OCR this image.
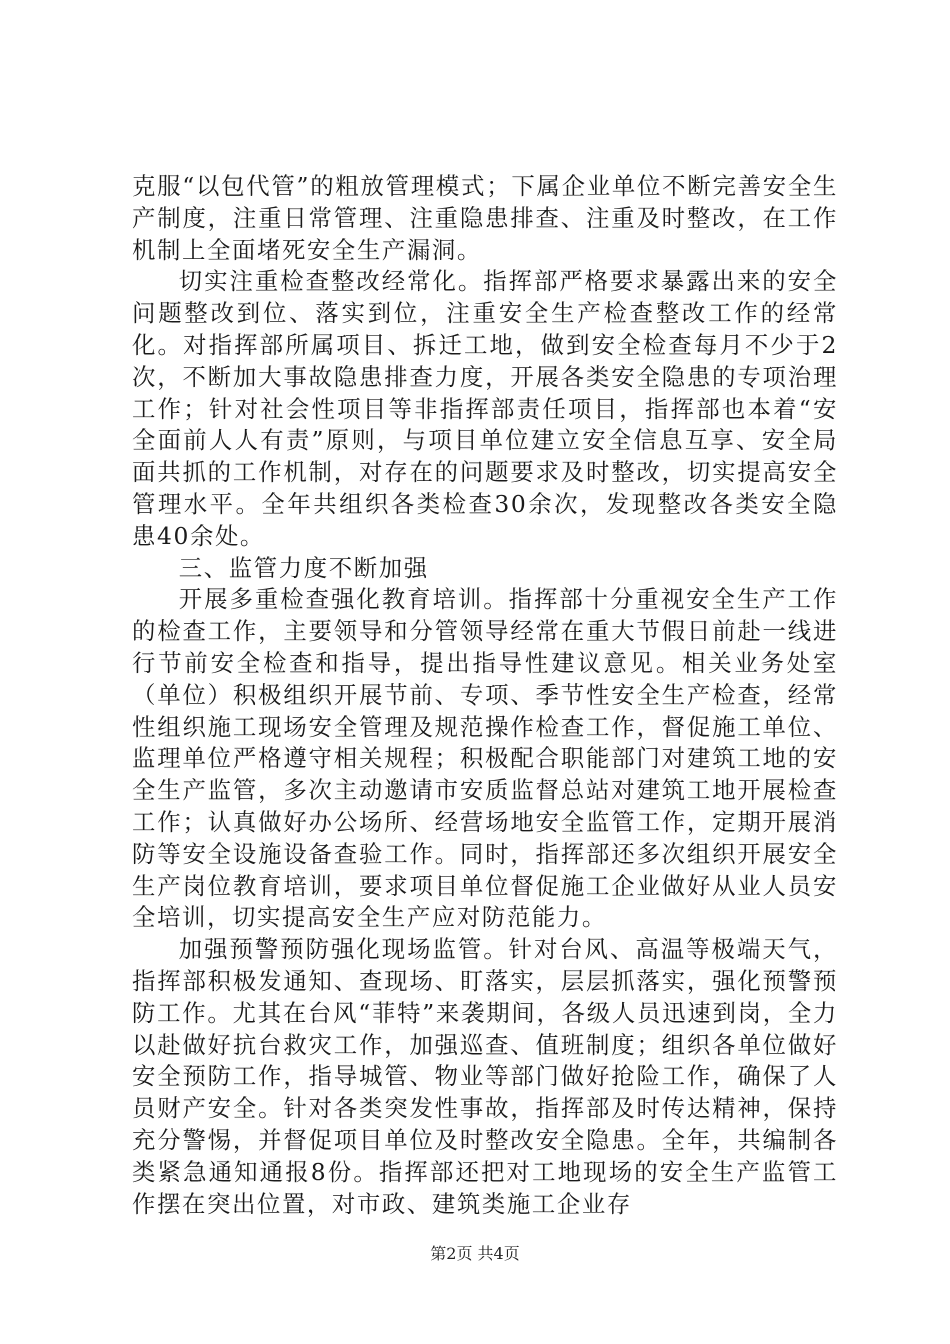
克服“以包代管”的粗放管理模式；下属企业单位不断完善安全生产制度，注重日常管理、注重隐患排查、注重及时整改，在工作机制上全面堵死安全生产漏洞。

切实注重检查整改经常化。指挥部严格要求暴露出来的安全问题整改到位、落实到位，注重安全生产检查整改工作的经常化。对指挥部所属项目、拆迁工地，做到安全检查每月不少于2次，不断加大事故隐患排查力度，开展各类安全隐患的专项治理工作；针对社会性项目等非指挥部责任项目，指挥部也本着“安全面前人人有责”原则，与项目单位建立安全信息互享、安全局面共抓的工作机制，对存在的问题要求及时整改，切实提高安全管理水平。全年共组织各类检查30余次，发现整改各类安全隐患40余处。

三、监管力度不断加强

开展多重检查强化教育培训。指挥部十分重视安全生产工作的检查工作，主要领导和分管领导经常在重大节假日前赴一线进行节前安全检查和指导，提出指导性建议意见。相关业务处室（单位）积极组织开展节前、专项、季节性安全生产检查，经常性组织施工现场安全管理及规范操作检查工作，督促施工单位、监理单位严格遵守相关规程；积极配合职能部门对建筑工地的安全生产监管，多次主动邀请市安质监督总站对建筑工地开展检查工作；认真做好办公场所、经营场地安全监管工作，定期开展消防等安全设施设备查验工作。同时，指挥部还多次组织开展安全生产岗位教育培训，要求项目单位督促施工企业做好从业人员安全培训，切实提高安全生产应对防范能力。

加强预警预防强化现场监管。针对台风、高温等极端天气，指挥部积极发通知、查现场、盯落实，层层抓落实，强化预警预防工作。尤其在台风“菲特”来袭期间，各级人员迅速到岗，全力以赴做好抗台救灾工作，加强巡查、值班制度；组织各单位做好安全预防工作，指导城管、物业等部门做好抢险工作，确保了人员财产安全。针对各类突发性事故，指挥部及时传达精神，保持充分警惕，并督促项目单位及时整改安全隐患。全年，共编制各类紧急通知通报8份。指挥部还把对工地现场的安全生产监管工作摆在突出位置，对市政、建筑类施工企业存

第2页 共4页
